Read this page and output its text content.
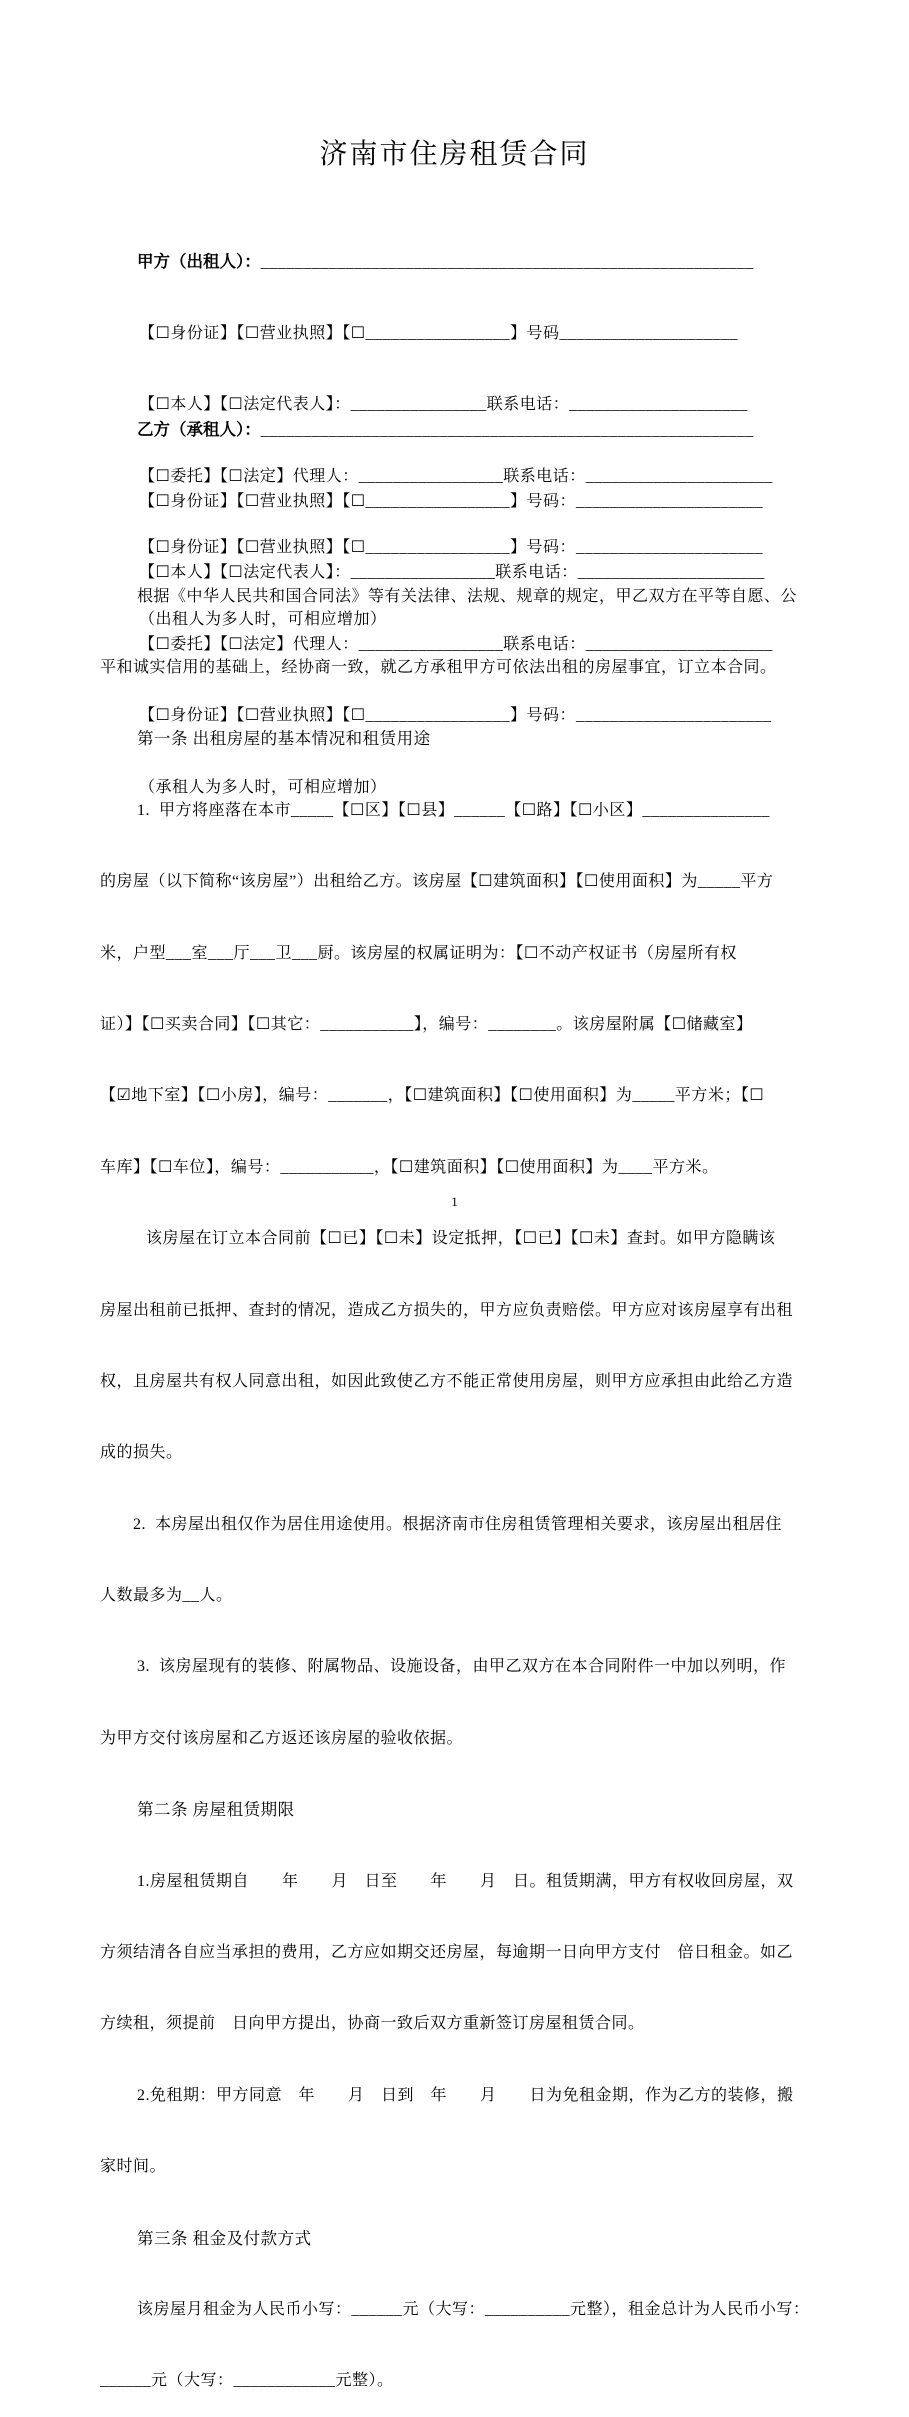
济南市住房租赁合同

甲方（出租人）：__________________________________________________________

【☐身份证】【☐营业执照】【☐_________________】号码_____________________

【☐本人】【☐法定代表人】：________________联系电话：_____________________

【☐委托】【☐法定】代理人：_________________联系电话：______________________

【☐身份证】【☐营业执照】【☐_________________】号码：______________________

（出租人为多人时，可相应增加）

乙方（承租人）：__________________________________________________________

【☐身份证】【☐营业执照】【☐_________________】号码：______________________

【☐本人】【☐法定代表人】：_________________联系电话：______________________

【☐委托】【☐法定】代理人：_________________联系电话：______________________

【☐身份证】【☐营业执照】【☐_________________】号码：_______________________

（承租人为多人时，可相应增加）

根据《中华人民共和国合同法》等有关法律、法规、规章的规定，甲乙双方在平等自愿、公

平和诚实信用的基础上，经协商一致，就乙方承租甲方可依法出租的房屋事宜，订立本合同。

第一条 出租房屋的基本情况和租赁用途

1.  甲方将座落在本市_____【☐区】【☐县】______【☐路】【☐小区】_______________

的房屋（以下简称“该房屋”）出租给乙方。该房屋【☐建筑面积】【☐使用面积】为_____平方

米，户型___室___厅___卫___厨。该房屋的权属证明为：【☐不动产权证书（房屋所有权

证）】【☐买卖合同】【☐其它：___________】，编号：________。该房屋附属【☐储藏室】

【☑地下室】【☐小房】，编号：_______，【☐建筑面积】【☐使用面积】为_____平方米；【☐

车库】【☐车位】，编号：___________，【☐建筑面积】【☐使用面积】为____平方米。

该房屋在订立本合同前【☐已】【☐未】设定抵押，【☐已】【☐未】查封。如甲方隐瞒该

房屋出租前已抵押、查封的情况，造成乙方损失的，甲方应负责赔偿。甲方应对该房屋享有出租

权，且房屋共有权人同意出租，如因此致使乙方不能正常使用房屋，则甲方应承担由此给乙方造

成的损失。

2.  本房屋出租仅作为居住用途使用。根据济南市住房租赁管理相关要求，该房屋出租居住

人数最多为__人。

3.  该房屋现有的装修、附属物品、设施设备，由甲乙双方在本合同附件一中加以列明，作

为甲方交付该房屋和乙方返还该房屋的验收依据。

第二条 房屋租赁期限

1.房屋租赁期自　　年　　月　日至　　年　　月　日。租赁期满，甲方有权收回房屋，双

方须结清各自应当承担的费用，乙方应如期交还房屋，每逾期一日向甲方支付　倍日租金。如乙

方续租，须提前　日向甲方提出，协商一致后双方重新签订房屋租赁合同。

2.免租期：甲方同意　年　　月　日到　年　　月　　日为免租金期，作为乙方的装修，搬

家时间。

第三条 租金及付款方式

该房屋月租金为人民币小写：______元（大写：__________元整），租金总计为人民币小写：

______元（大写：____________元整）。

1
